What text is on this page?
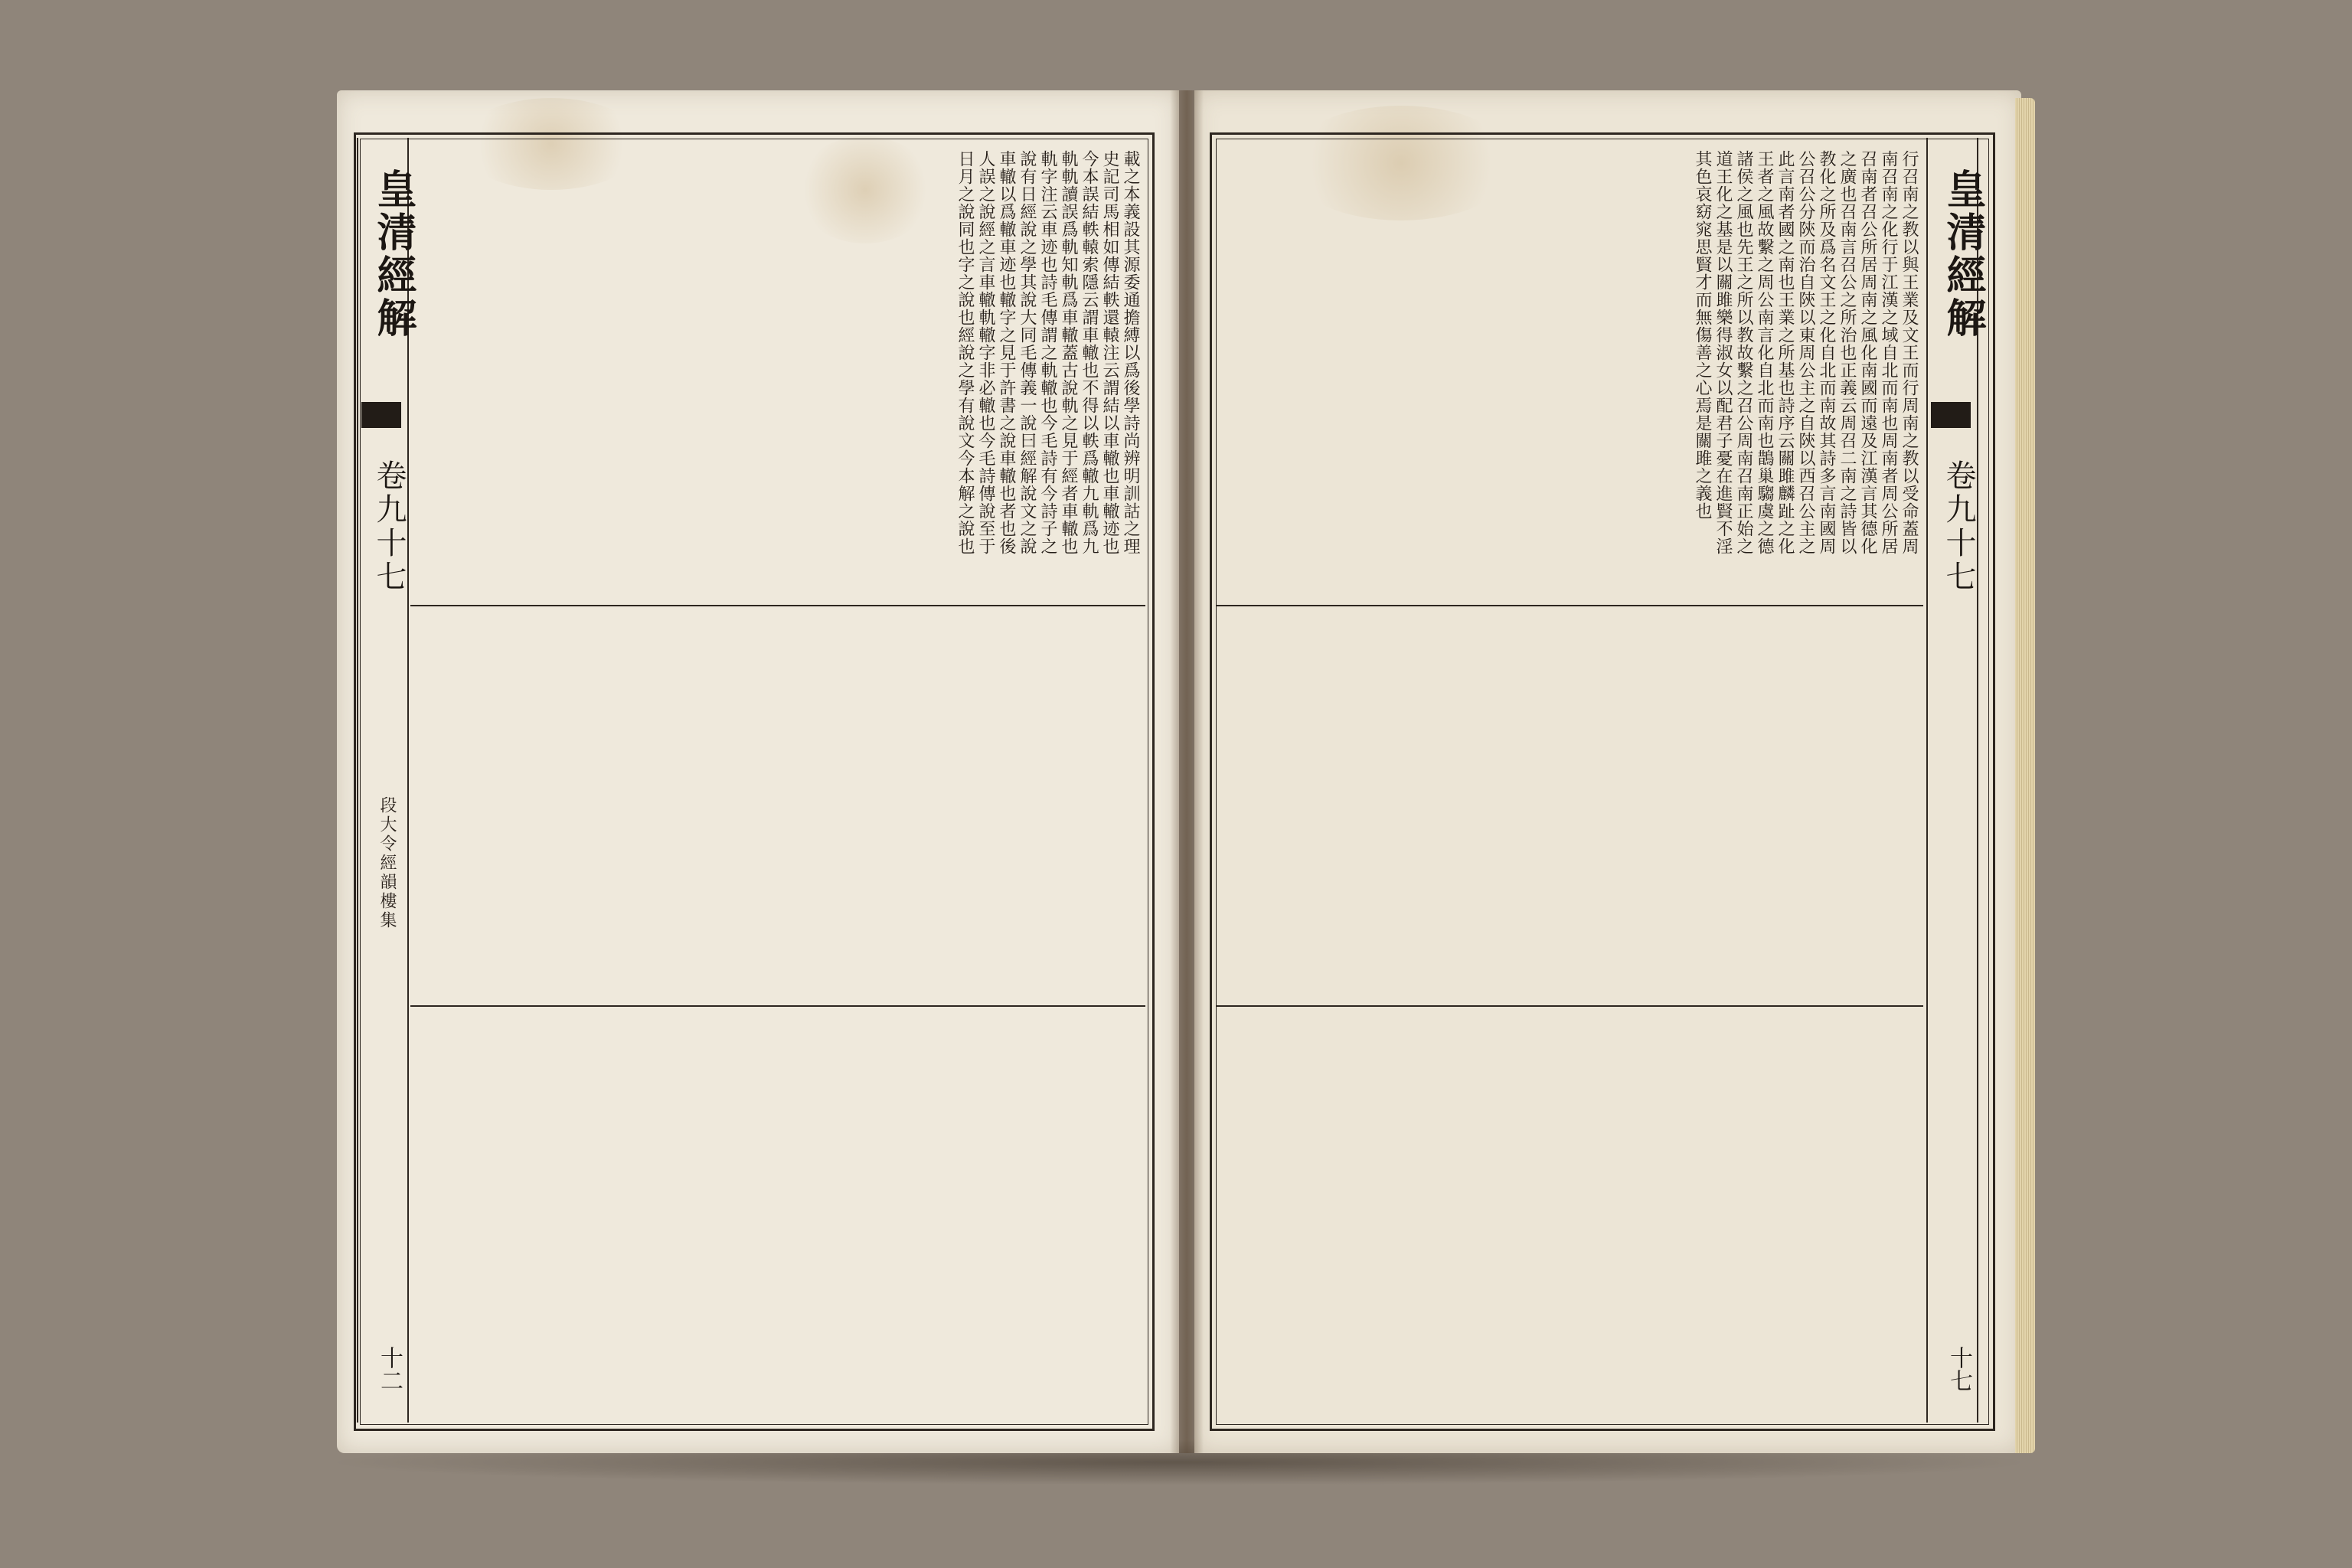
皇清經解
卷九十七
段大令經韻樓集
十二
載之本義設其源委通擔縛以爲後學詩尚辨明訓詁之理
史記司馬相如傳結軼還轅注云謂結以車轍也車轍迹也
今本誤結軼轅索隱云謂車轍也不得以軼爲轍九軌爲九
軌軌讀誤爲軌知軌爲車轍蓋古說軌之見于經者車轍也
軌字注云車迹也詩毛傳謂之軌轍也今毛詩有今詩子之
說有日經說之學其說大同毛傳義一說曰經解說文之說
車轍以爲轍車迹也轍字之見于許書之說車轍也者也後
人誤之說經之言車轍軌轍字非必轍也今毛詩傳說至于
日月之說同也字之說也經說之學有說文今本解之說也	皇清經解
卷九十七
十七
行召南之教以與王業及文王而行周南之教以受命蓋周
南召南之化行于江漢之域自北而南也周南者周公所居
召南者召公所居周南之風化南國而遠及江漢言其德化
之廣也召南言召公之所治也正義云周召二南之詩皆以
教化之所及爲名文王之化自北而南故其詩多言南國周
公召公分陝而治自陝以東周公主之自陝以西召公主之
此言南者國之南也王業之所基也詩序云關雎麟趾之化
王者之風故繫之周公南言化自北而南也鵲巢騶虞之德
諸侯之風也先王之所以教故繫之召公周南召南正始之
道王化之基是以關雎樂得淑女以配君子憂在進賢不淫
其色哀窈窕思賢才而無傷善之心焉是關雎之義也
